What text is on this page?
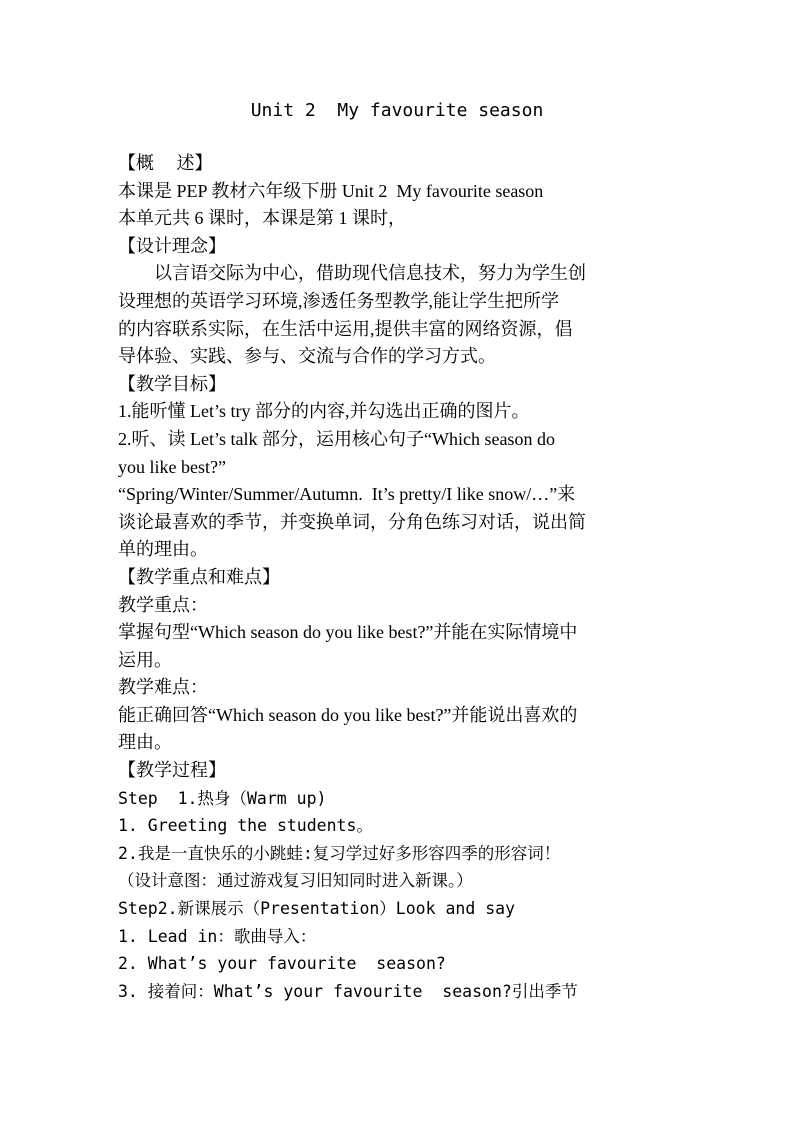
Unit 2  My favourite season
【概     述】
本课是 PEP 教材六年级下册 Unit 2  My favourite season
本单元共 6 课时，本课是第 1 课时，
【设计理念】
以言语交际为中心，借助现代信息技术，努力为学生创
设理想的英语学习环境,渗透任务型教学,能让学生把所学
的内容联系实际，在生活中运用,提供丰富的网络资源，倡
导体验、实践、参与、交流与合作的学习方式。
【教学目标】
1.能听懂 Let’s try 部分的内容,并勾选出正确的图片。
2.听、读 Let’s talk 部分，运用核心句子“Which season do
you like best?”
“Spring/Winter/Summer/Autumn.  It’s pretty/I like snow/…”来
谈论最喜欢的季节，并变换单词，分角色练习对话，说出简
单的理由。
【教学重点和难点】
教学重点：
掌握句型“Which season do you like best?”并能在实际情境中
运用。
教学难点：
能正确回答“Which season do you like best?”并能说出喜欢的
理由。
【教学过程】
Step  1.热身（Warm up)
1. Greeting the students。
2.我是一直快乐的小跳蛙:复习学过好多形容四季的形容词！
（设计意图：通过游戏复习旧知同时进入新课。）
Step2.新课展示（Presentation）Look and say
1. Lead in：歌曲导入：
2. What’s your favourite  season?
3. 接着问：What’s your favourite  season?引出季节
